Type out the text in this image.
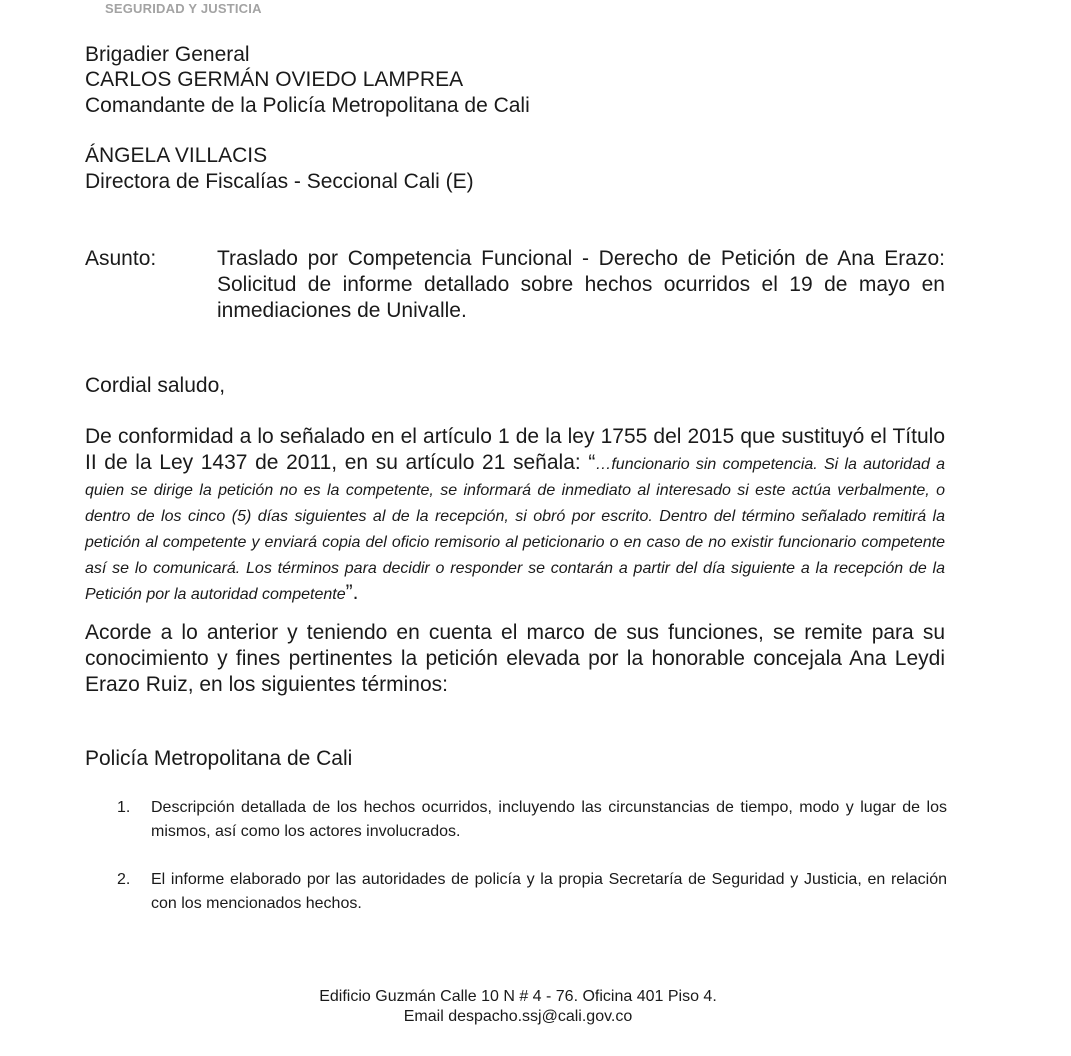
SEGURIDAD Y JUSTICIA
Brigadier General
CARLOS GERMÁN OVIEDO LAMPREA
Comandante de la Policía Metropolitana de Cali
ÁNGELA VILLACIS
Directora de Fiscalías - Seccional Cali (E)
Asunto:	Traslado por Competencia Funcional - Derecho de Petición de Ana Erazo: Solicitud de informe detallado sobre hechos ocurridos el 19 de mayo en inmediaciones de Univalle.
Cordial saludo,
De conformidad a lo señalado en el artículo 1 de la ley 1755 del 2015 que sustituyó el Título II de la Ley 1437 de 2011, en su artículo 21 señala: “…funcionario sin competencia. Si la autoridad a quien se dirige la petición no es la competente, se informará de inmediato al interesado si este actúa verbalmente, o dentro de los cinco (5) días siguientes al de la recepción, si obró por escrito. Dentro del término señalado remitirá la petición al competente y enviará copia del oficio remisorio al peticionario o en caso de no existir funcionario competente así se lo comunicará. Los términos para decidir o responder se contarán a partir del día siguiente a la recepción de la Petición por la autoridad competente”.
Acorde a lo anterior y teniendo en cuenta el marco de sus funciones, se remite para su conocimiento y fines pertinentes la petición elevada por la honorable concejala Ana Leydi Erazo Ruiz, en los siguientes términos:
Policía Metropolitana de Cali
1.	Descripción detallada de los hechos ocurridos, incluyendo las circunstancias de tiempo, modo y lugar de los mismos, así como los actores involucrados.
2.	El informe elaborado por las autoridades de policía y la propia Secretaría de Seguridad y Justicia, en relación con los mencionados hechos.
Edificio Guzmán Calle 10 N # 4 - 76. Oficina 401 Piso 4.
Email despacho.ssj@cali.gov.co
